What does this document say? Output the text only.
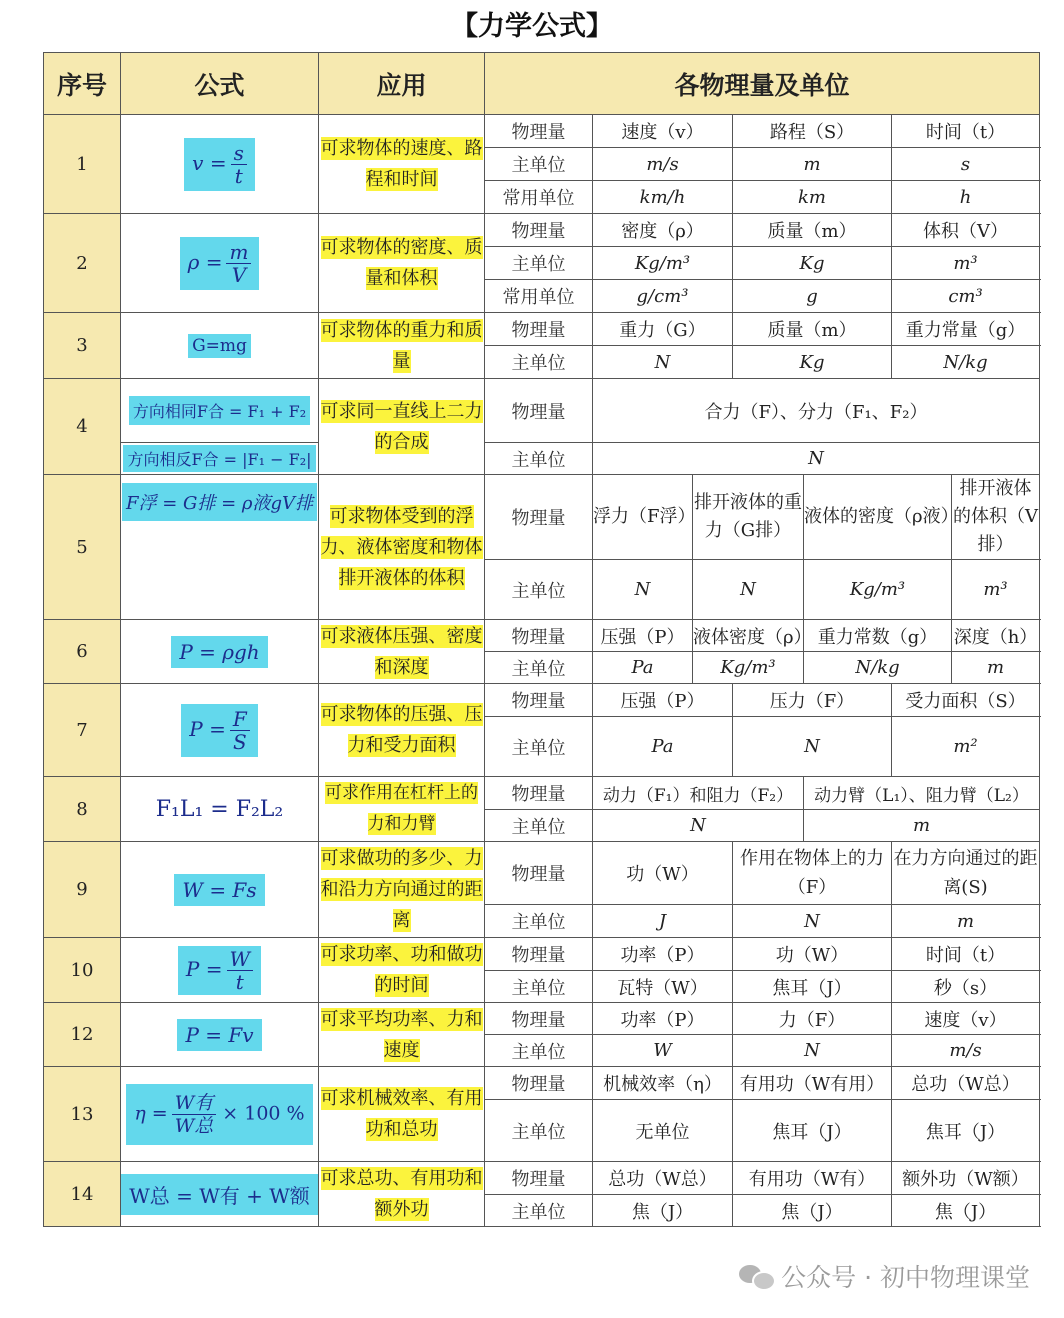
【力学公式】
序号	公式	应用	各物理量及单位						
1	$v = \frac{s}{t}$	可求物体的速度、路程和时间	物理量	速度（v）		路程（S）		时间（t）	
			主单位	m/s		m		s	
			常用单位	km/h		km		h	
2	$\rho = \frac{m}{V}$	可求物体的密度、质量和体积	物理量	密度（ρ）		质量（m）		体积（V）	
			主单位	Kg/m³		Kg		m³	
			常用单位	g/cm³		g		cm³	
3	G=mg	可求物体的重力和质量	物理量	重力（G）		质量（m）		重力常量（g）	
			主单位	N		Kg		N/kg	
4	方向相同F合 = F₁ + F₂	可求同一直线上二力的合成	物理量	合力（F）、分力（F₁、F₂）					
	方向相反F合 = |F₁ − F₂|		主单位	N					
5	F浮 = G排 = ρ液gV排	可求物体受到的浮力、液体密度和物体排开液体的体积	物理量	浮力（F浮）	排开液体的重力（G排）		液体的密度（ρ液）		排开液体的体积（V排）
			主单位	N	N		Kg/m³		m³
6	P = ρgh	可求液体压强、密度和深度	物理量	压强（P）	液体密度（ρ）		重力常数（g）		深度（h）
			主单位	Pa	Kg/m³		N/kg		m
7	$P = \frac{F}{S}$	可求物体的压强、压力和受力面积	物理量	压强（P）		压力（F）		受力面积（S）	
			主单位	Pa		N		m²	
8	F₁L₁ = F₂L₂	可求作用在杠杆上的力和力臂	物理量	动力（F₁）和阻力（F₂）			动力臂（L₁）、阻力臂（L₂）		
			主单位	N			m		
9	W = Fs	可求做功的多少、力和沿力方向通过的距离	物理量	功（W）		作用在物体上的力（F）		在力方向通过的距离(S)	
			主单位	J		N		m	
10	$P = \frac{W}{t}$	可求功率、功和做功的时间	物理量	功率（P）		功（W）		时间（t）	
			主单位	瓦特（W）		焦耳（J）		秒（s）	
12	P = Fv	可求平均功率、力和速度	物理量	功率（P）		力（F）		速度（v）	
			主单位	W		N		m/s	
13	$\eta = \frac{\text{W有}}{\text{W总}} \times 100$ %	可求机械效率、有用功和总功	物理量	机械效率（η）		有用功（W有用）		总功（W总）	
			主单位	无单位		焦耳（J）		焦耳（J）	
14	W总 = W有 + W额	可求总功、有用功和额外功	物理量	总功（W总）		有用功（W有）		额外功（W额）	
			主单位	焦（J）		焦（J）		焦（J）	
公众号 · 初中物理课堂
